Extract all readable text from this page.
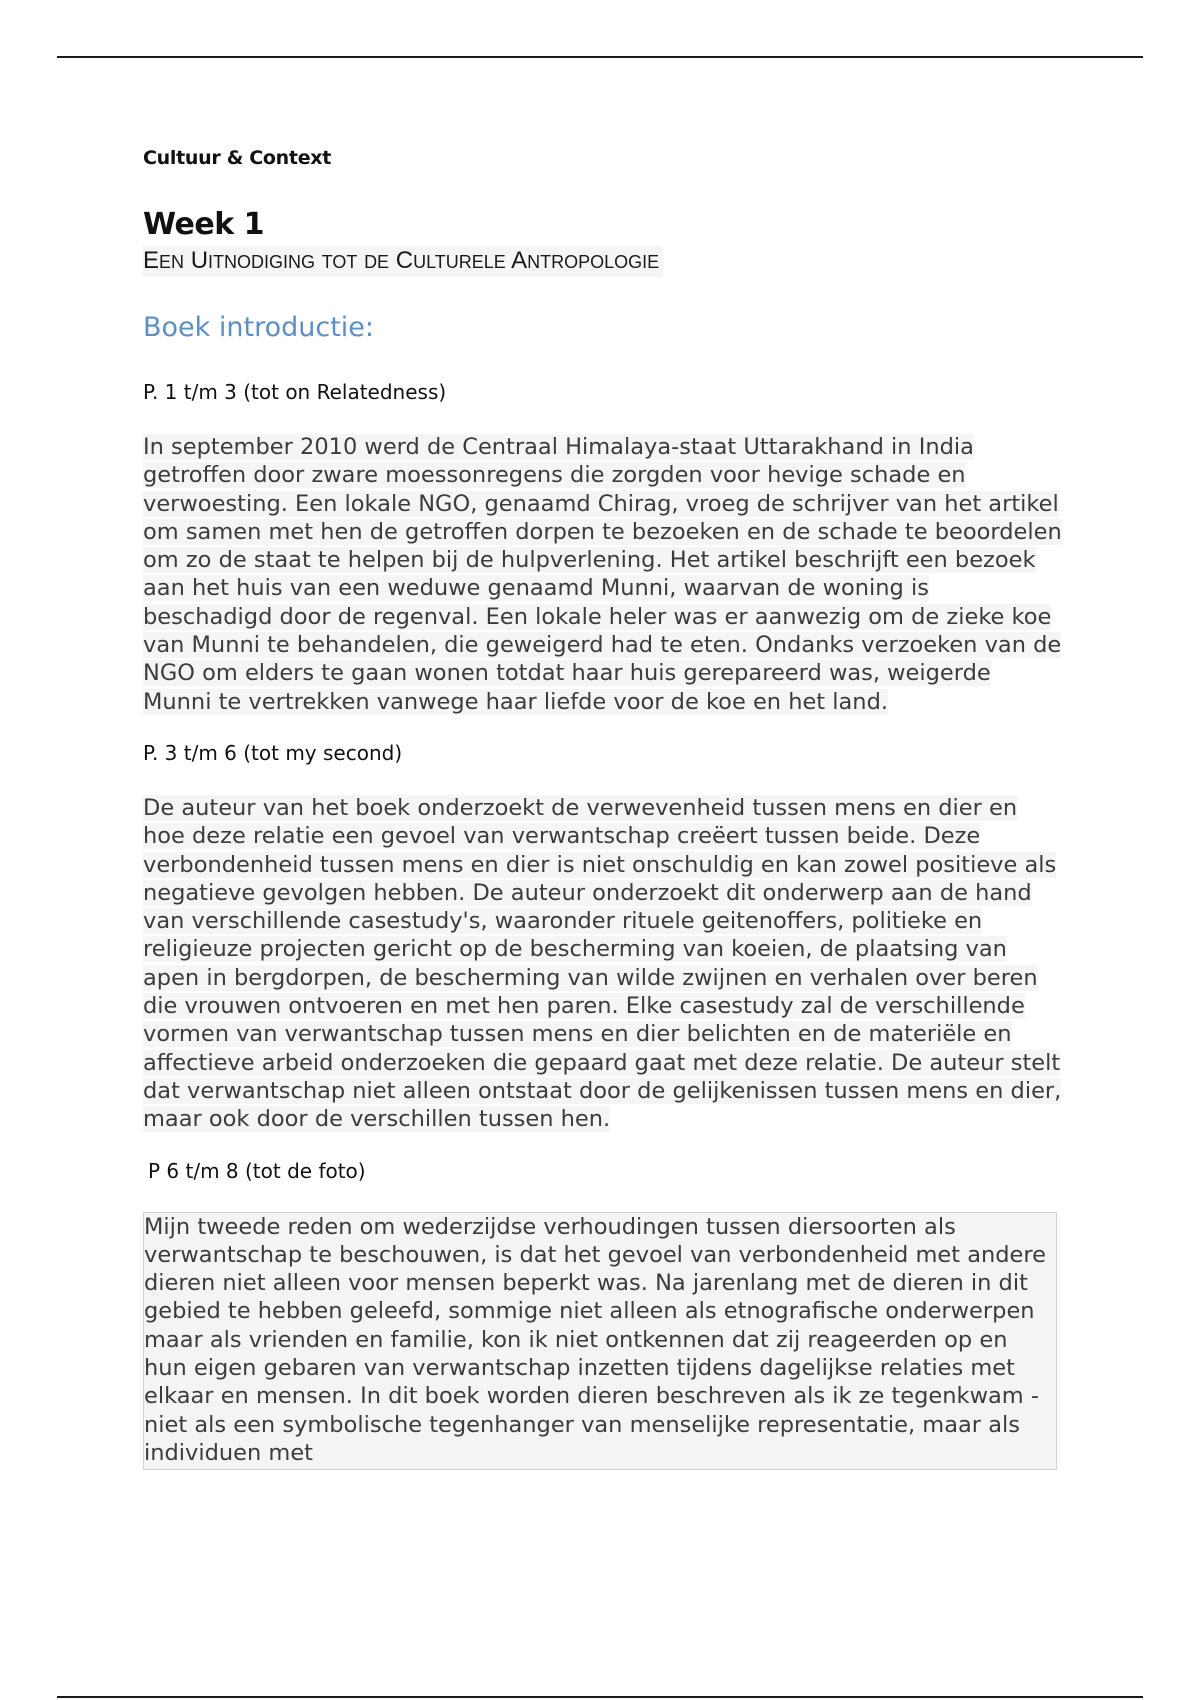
Cultuur & Context

Week 1

EEN UITNODIGING TOT DE CULTURELE ANTROPOLOGIE

Boek introductie:

P. 1 t/m 3 (tot on Relatedness)

In september 2010 werd de Centraal Himalaya-staat Uttarakhand in India getroffen door zware moessonregens die zorgden voor hevige schade en verwoesting. Een lokale NGO, genaamd Chirag, vroeg de schrijver van het artikel om samen met hen de getroffen dorpen te bezoeken en de schade te beoordelen om zo de staat te helpen bij de hulpverlening. Het artikel beschrijft een bezoek aan het huis van een weduwe genaamd Munni, waarvan de woning is beschadigd door de regenval. Een lokale heler was er aanwezig om de zieke koe van Munni te behandelen, die geweigerd had te eten. Ondanks verzoeken van de NGO om elders te gaan wonen totdat haar huis gerepareerd was, weigerde Munni te vertrekken vanwege haar liefde voor de koe en het land.

P. 3 t/m 6 (tot my second)

De auteur van het boek onderzoekt de verwevenheid tussen mens en dier en hoe deze relatie een gevoel van verwantschap creëert tussen beide. Deze verbondenheid tussen mens en dier is niet onschuldig en kan zowel positieve als negatieve gevolgen hebben. De auteur onderzoekt dit onderwerp aan de hand van verschillende casestudy's, waaronder rituele geitenoffers, politieke en religieuze projecten gericht op de bescherming van koeien, de plaatsing van apen in bergdorpen, de bescherming van wilde zwijnen en verhalen over beren die vrouwen ontvoeren en met hen paren. Elke casestudy zal de verschillende vormen van verwantschap tussen mens en dier belichten en de materiële en affectieve arbeid onderzoeken die gepaard gaat met deze relatie. De auteur stelt dat verwantschap niet alleen ontstaat door de gelijkenissen tussen mens en dier, maar ook door de verschillen tussen hen.

P 6 t/m 8 (tot de foto)

Mijn tweede reden om wederzijdse verhoudingen tussen diersoorten als verwantschap te beschouwen, is dat het gevoel van verbondenheid met andere dieren niet alleen voor mensen beperkt was. Na jarenlang met de dieren in dit gebied te hebben geleefd, sommige niet alleen als etnografische onderwerpen maar als vrienden en familie, kon ik niet ontkennen dat zij reageerden op en hun eigen gebaren van verwantschap inzetten tijdens dagelijkse relaties met elkaar en mensen. In dit boek worden dieren beschreven als ik ze tegenkwam - niet als een symbolische tegenhanger van menselijke representatie, maar als individuen met
